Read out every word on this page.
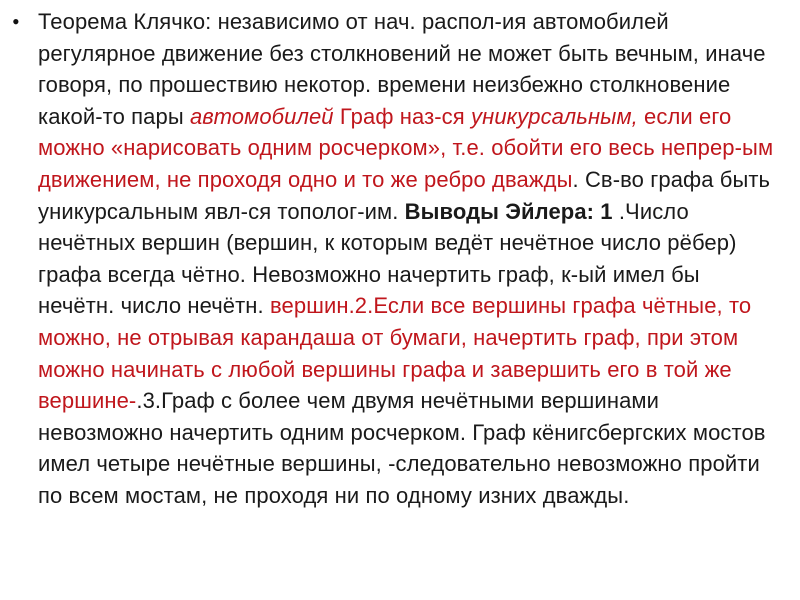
• Теорема Клячко: независимо от нач. распол-ия автомобилей регулярное движение без столкновений не может быть вечным, иначе говоря, по прошествию некотор. времени неизбежно столкновение какой-то пары автомобилей Граф наз-ся уникурсальным, если его можно «нарисовать одним росчерком», т.е. обойти его весь непрер-ым движением, не проходя одно и то же ребро дважды. Св-во графа быть уникурсальным явл-ся тополог-им. Выводы Эйлера: 1 .Число нечётных вершин (вершин, к которым ведёт нечётное число рёбер) графа всегда чётно. Невозможно начертить граф, к-ый имел бы нечётн. число нечётн. вершин.2.Если все вершины графа чётные, то можно, не отрывая карандаша от бумаги, начертить граф, при этом можно начинать с любой вершины графа и завершить его в той же вершине-.3.Граф с более чем двумя нечётными вершинами невозможно начертить одним росчерком. Граф кёнигсбергских мостов имел четыре нечётные вершины, -следовательно невозможно пройти по всем мостам, не проходя ни по одному изних дважды.
